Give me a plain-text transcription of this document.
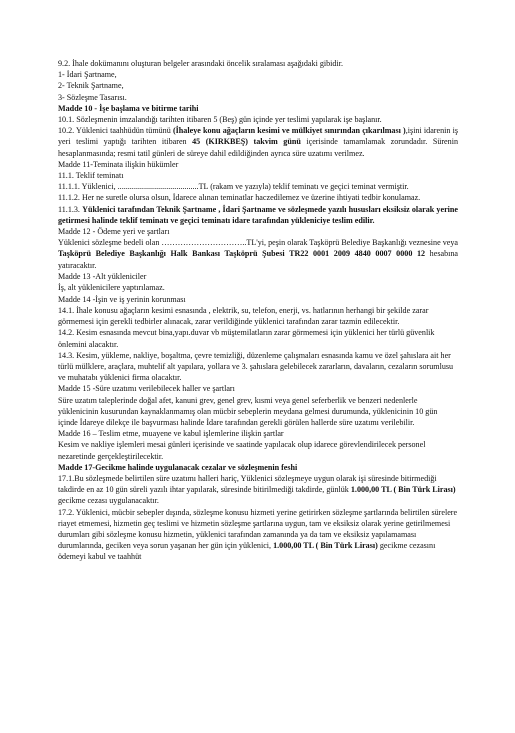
9.2. İhale dokümanını oluşturan belgeler arasındaki öncelik sıralaması aşağıdaki gibidir.

1- İdari Şartname,

2- Teknik Şartname,

3- Sözleşme Tasarısı.

Madde 10 - İşe başlama ve bitirme tarihi

10.1. Sözleşmenin imzalandığı tarihten itibaren 5 (Beş) gün içinde yer teslimi yapılarak işe başlanır.

10.2. Yüklenici taahhüdün tümünü (İhaleye konu ağaçların kesimi ve mülkiyet sınırından çıkarılması ),işini idarenin iş yeri teslimi yaptığı tarihten itibaren 45 (KIRKBEŞ) takvim günü içerisinde tamamlamak zorundadır. Sürenin hesaplanmasında; resmi tatil günleri de süreye dahil edildiğinden ayrıca süre uzatımı verilmez.

Madde 11-Teminata ilişkin hükümler

11.1. Teklif teminatı

11.1.1. Yüklenici, ........................................TL (rakam ve yazıyla) teklif teminatı ve geçici teminat vermiştir.

11.1.2. Her ne suretle olursa olsun, İdarece alınan teminatlar haczedilemez ve üzerine ihtiyati tedbir konulamaz.

11.1.3. Yüklenici tarafından Teknik Şartname , İdari Şartname ve sözleşmede yazılı hususları eksiksiz olarak yerine getirmesi halinde teklif teminatı ve geçici teminatı idare tarafından yükleniciye teslim edilir.

Madde 12 - Ödeme yeri ve şartları

Yüklenici sözleşme bedeli olan …………………………..TL'yi, peşin olarak Taşköprü Belediye Başkanlığı veznesine veya Taşköprü Belediye Başkanlığı Halk Bankası Taşköprü Şubesi TR22 0001 2009 4840 0007 0000 12 hesabına yatıracaktır.

Madde 13 -Alt yükleniciler

İş, alt yüklenicilere yaptırılamaz.

Madde 14 -İşin ve iş yerinin korunması

14.1. İhale konusu ağaçların kesimi esnasında , elektrik, su, telefon, enerji, vs. hatlarının herhangi bir şekilde zarar görmemesi için gerekli tedbirler alınacak, zarar verildiğinde yüklenici tarafından zarar tazmin edilecektir.

14.2. Kesim esnasında mevcut bina,yapı.duvar vb müştemilatların zarar görmemesi için yüklenici her türlü güvenlik önlemini alacaktır.

14.3. Kesim, yükleme, nakliye, boşaltma, çevre temizliği, düzenleme çalışmaları esnasında kamu ve özel şahıslara ait her türlü mülklere, araçlara, muhtelif alt yapılara, yollara ve 3. şahıslara gelebilecek zararların, davaların, cezaların sorumlusu ve muhatabı yüklenici firma olacaktır.

Madde 15 -Süre uzatımı verilebilecek haller ve şartları

Süre uzatım taleplerinde doğal afet, kanuni grev, genel grev, kısmi veya genel seferberlik ve benzeri nedenlerle yüklenicinin kusurundan kaynaklanmamış olan mücbir sebeplerin meydana gelmesi durumunda, yüklenicinin 10 gün içinde İdareye dilekçe ile başvurması halinde İdare tarafından gerekli görülen hallerde süre uzatımı verilebilir.

Madde 16 – Teslim etme, muayene ve kabul işlemlerine ilişkin şartlar

Kesim ve nakliye işlemleri mesai günleri içerisinde ve saatinde yapılacak olup idarece görevlendirilecek personel nezaretinde gerçekleştirilecektir.

Madde 17-Gecikme halinde uygulanacak cezalar ve sözleşmenin feshi

17.1.Bu sözleşmede belirtilen süre uzatımı halleri hariç, Yüklenici sözleşmeye uygun olarak işi süresinde bitirmediği takdirde en az 10 gün süreli yazılı ihtar yapılarak, süresinde bitirilmediği takdirde, günlük 1.000,00 TL ( Bin Türk Lirası) gecikme cezası uygulanacaktır.

17.2. Yüklenici, mücbir sebepler dışında, sözleşme konusu hizmeti yerine getirirken sözleşme şartlarında belirtilen sürelere riayet etmemesi, hizmetin geç teslimi ve hizmetin sözleşme şartlarına uygun, tam ve eksiksiz olarak yerine getirilmemesi durumları gibi sözleşme konusu hizmetin, yüklenici tarafından zamanında ya da tam ve eksiksiz yapılamaması durumlarında, geciken veya sorun yaşanan her gün için yüklenici, 1.000,00 TL ( Bin Türk Lirası) gecikme cezasını ödemeyi kabul ve taahhüt
